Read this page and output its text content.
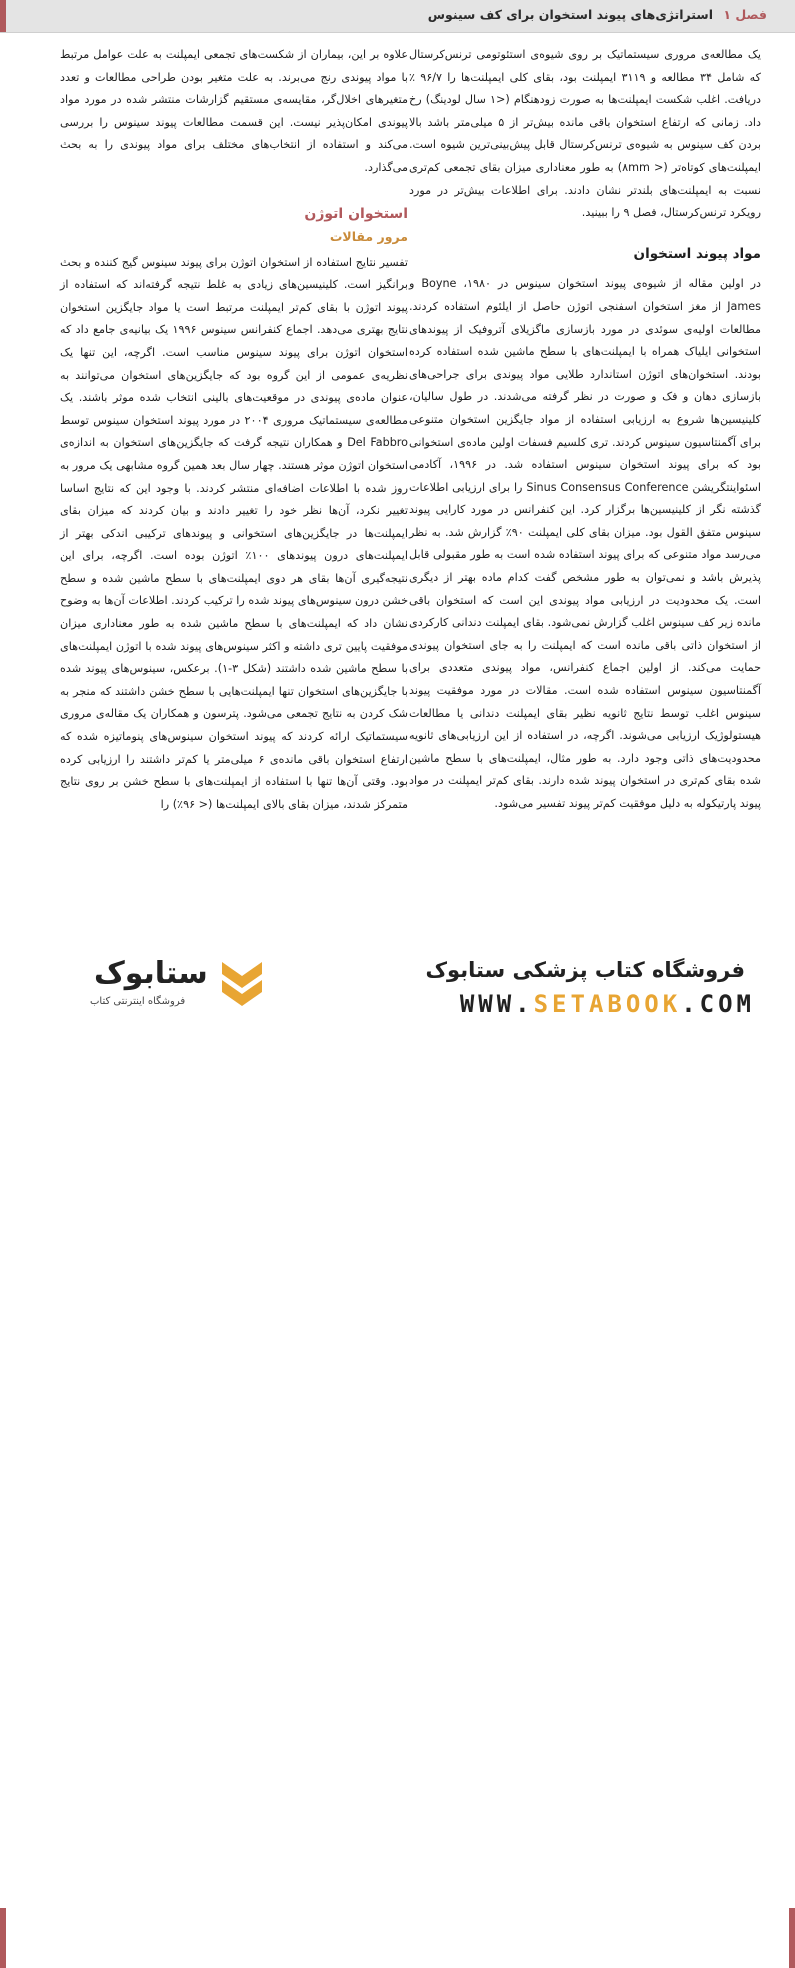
فصل ۱ استراتژی‌های پیوند استخوان برای کف سینوس

یک مطالعه‌ی مروری سیستماتیک بر روی شیوه‌ی استئوتومی ترنس‌کرستال که شامل ۳۴ مطالعه و ۳۱۱۹ ایمپلنت بود، بقای کلی ایمپلنت‌ها را ۹۶/۷ ٪ دریافت. اغلب شکست ایمپلنت‌ها به صورت زودهنگام (<۱ سال لودینگ) رخ داد. زمانی که ارتفاع استخوان باقی مانده بیش‌تر از ۵ میلی‌متر باشد بالا بردن کف سینوس به شیوه‌ی ترنس‌کرستال قابل پیش‌بینی‌ترین شیوه است. ایمپلنت‌های کوتاه‌تر (< ۸mm) به طور معناداری میزان بقای تجمعی کم‌تری نسبت به ایمپلنت‌های بلندتر نشان دادند. برای اطلاعات بیش‌تر در مورد رویکرد ترنس‌کرستال، فصل ۹ را ببینید.

مواد پیوند استخوان

در اولین مقاله از شیوه‌ی پیوند استخوان سینوس در ۱۹۸۰، Boyne و James از مغز استخوان اسفنجی اتوژن حاصل از ایلئوم استفاده کردند. مطالعات اولیه‌ی سوئدی در مورد بازسازی ماگزیلای آتروفیک از پیوندهای استخوانی ایلیاک همراه با ایمپلنت‌های با سطح ماشین شده استفاده کرده بودند. استخوان‌های اتوژن استاندارد طلایی مواد پیوندی برای جراحی‌های بازسازی دهان و فک و صورت در نظر گرفته می‌شدند. در طول سالیان، کلینیسین‌ها شروع به ارزیابی استفاده از مواد جایگزین استخوان متنوعی برای آگمنتاسیون سینوس کردند. تری کلسیم فسفات اولین ماده‌ی استخوانی بود که برای پیوند استخوان سینوس استفاده شد. در ۱۹۹۶، آکادمی اسئواینتگریشن Sinus Consensus Conference را برای ارزیابی اطلاعات گذشته نگر از کلینیسین‌ها برگزار کرد. این کنفرانس در مورد کارایی پیوند سینوس متفق القول بود. میزان بقای کلی ایمپلنت ۹۰٪ گزارش شد. به نظر می‌رسد مواد متنوعی که برای پیوند استفاده شده است به طور مقبولی قابل پذیرش باشد و نمی‌توان به طور مشخص گفت کدام ماده بهتر از دیگری است. یک محدودیت در ارزیابی مواد پیوندی این است که استخوان باقی مانده زیر کف سینوس اغلب گزارش نمی‌شود. بقای ایمپلنت دندانی کارکردی از استخوان ذاتی باقی مانده است که ایمپلنت را به جای استخوان پیوندی حمایت می‌کند. از اولین اجماع کنفرانس، مواد پیوندی متعددی برای آگمنتاسیون سینوس استفاده شده است. مقالات در مورد موفقیت پیوند سینوس اغلب توسط نتایج ثانویه نظیر بقای ایمپلنت دندانی یا مطالعات هیستولوژیک ارزیابی می‌شوند. اگرچه، در استفاده از این ارزیابی‌های ثانویه محدودیت‌های ذاتی وجود دارد. به طور مثال، ایمپلنت‌های با سطح ماشین شده بقای کم‌تری در استخوان پیوند شده دارند. بقای کم‌تر ایمپلنت در مواد پیوند پارتیکوله به دلیل موفقیت کم‌تر پیوند تفسیر می‌شود.

علاوه بر این، بیماران از شکست‌های تجمعی ایمپلنت به علت عوامل مرتبط با مواد پیوندی رنج می‌برند. به علت متغیر بودن طراحی مطالعات و تعدد متغیرهای اخلال‌گر، مقایسه‌ی مستقیم گزارشات منتشر شده در مورد مواد پیوندی امکان‌پذیر نیست. این قسمت مطالعات پیوند سینوس را بررسی می‌کند و استفاده از انتخاب‌های مختلف برای مواد پیوندی را به بحث می‌گذارد.

استخوان اتوژن
مرور مقالات

تفسیر نتایج استفاده از استخوان اتوژن برای پیوند سینوس گیج کننده و بحث برانگیز است. کلینیسین‌های زیادی به غلط نتیجه گرفته‌اند که استفاده از پیوند اتوژن با بقای کم‌تر ایمپلنت مرتبط است یا مواد جایگزین استخوان نتایج بهتری می‌دهد. اجماع کنفرانس سینوس ۱۹۹۶ یک بیانیه‌ی جامع داد که استخوان اتوژن برای پیوند سینوس مناسب است. اگرچه، این تنها یک نظریه‌ی عمومی از این گروه بود که جایگزین‌های استخوان می‌توانند به عنوان ماده‌ی پیوندی در موقعیت‌های بالینی انتخاب شده موثر باشند. یک مطالعه‌ی سیستماتیک مروری ۲۰۰۴ در مورد پیوند استخوان سینوس توسط Del Fabbro و همکاران نتیجه گرفت که جایگزین‌های استخوان به اندازه‌ی استخوان اتوژن موثر هستند. چهار سال بعد همین گروه مشابهی یک مرور به روز شده با اطلاعات اضافه‌ای منتشر کردند. با وجود این که نتایج اساسا تغییر نکرد، آن‌ها نظر خود را تغییر دادند و بیان کردند که میزان بقای ایمپلنت‌ها در جایگزین‌های استخوانی و پیوندهای ترکیبی اندکی بهتر از ایمپلنت‌های درون پیوندهای ۱۰۰٪ اتوژن بوده است. اگرچه، برای این نتیجه‌گیری آن‌ها بقای هر دوی ایمپلنت‌های با سطح ماشین شده و سطح خشن درون سینوس‌های پیوند شده را ترکیب کردند. اطلاعات آن‌ها به وضوح نشان داد که ایمپلنت‌های با سطح ماشین شده به طور معناداری میزان موفقیت پایین تری داشته و اکثر سینوس‌های پیوند شده با اتوژن ایمپلنت‌های با سطح ماشین شده داشتند (شکل ۳-۱). برعکس، سینوس‌های پیوند شده با جایگزین‌های استخوان تنها ایمپلنت‌هایی با سطح خشن داشتند که منجر به شک کردن به نتایج تجمعی می‌شود. پترسون و همکاران یک مقاله‌ی مروری سیستماتیک ارائه کردند که پیوند استخوان سینوس‌های پنوماتیزه شده که ارتفاع استخوان باقی مانده‌ی ۶ میلی‌متر یا کم‌تر داشتند را ارزیابی کرده بود. وقتی آن‌ها تنها با استفاده از ایمپلنت‌های با سطح خشن بر روی نتایج متمرکز شدند، میزان بقای بالای ایمپلنت‌ها (< ۹۶٪) را

ستابوک
فروشگاه اینترنتی کتاب
فروشگاه کتاب پزشکی ستابوک
WWW.SETABOOK.COM
